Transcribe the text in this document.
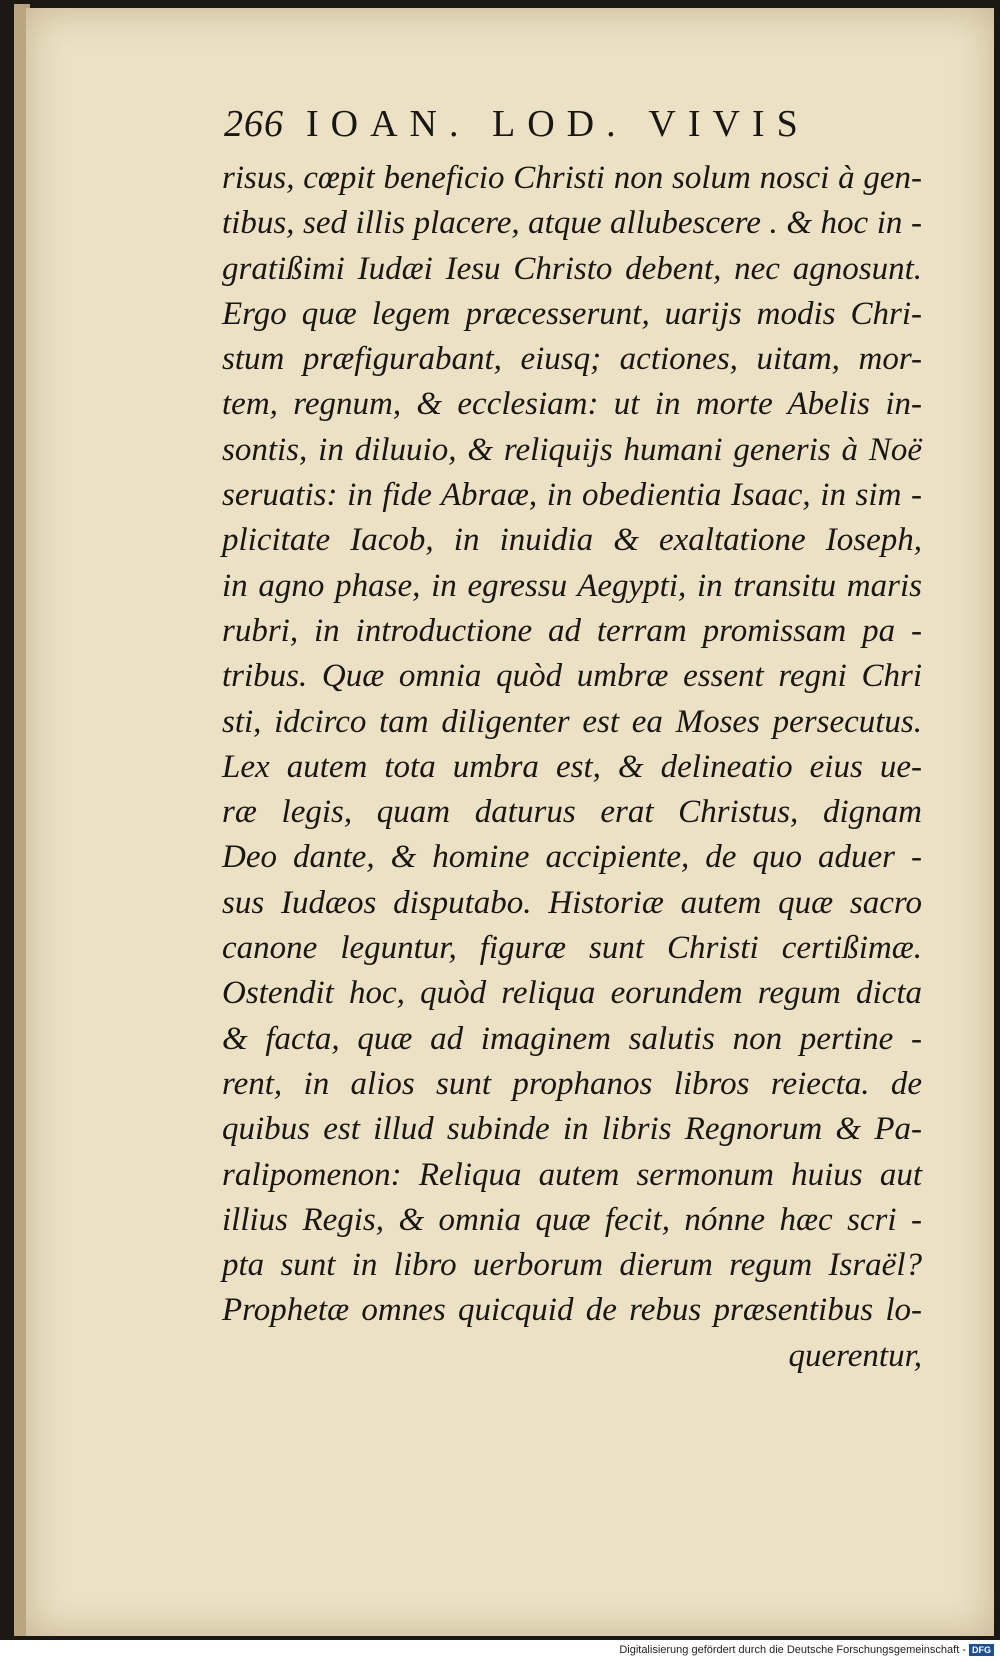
266 IOAN. LOD. VIVIS
risus, cœpit beneficio Christi non solum nosci à gen-
tibus, sed illis placere, atque allubescere . & hoc in -
gratißimi Iudæi Iesu Christo debent, nec agnosunt.
Ergo quæ legem præcesserunt, uarijs modis Chri-
stum præfigurabant, eiusq; actiones, uitam, mor-
tem, regnum, & ecclesiam: ut in morte Abelis in-
sontis, in diluuio, & reliquijs humani generis à Noë
seruatis: in fide Abraæ, in obedientia Isaac, in sim -
plicitate Iacob, in inuidia & exaltatione Ioseph,
in agno phase, in egressu Aegypti, in transitu maris
rubri, in introductione ad terram promissam pa -
tribus. Quæ omnia quòd umbræ essent regni Chri
sti, idcirco tam diligenter est ea Moses persecutus.
Lex autem tota umbra est, & delineatio eius ue-
ræ legis, quam daturus erat Christus, dignam
Deo dante, & homine accipiente, de quo aduer -
sus Iudæos disputabo. Historiæ autem quæ sacro
canone leguntur, figuræ sunt Christi certißimæ.
Ostendit hoc, quòd reliqua eorundem regum dicta
& facta, quæ ad imaginem salutis non pertine -
rent, in alios sunt prophanos libros reiecta. de
quibus est illud subinde in libris Regnorum & Pa-
ralipomenon: Reliqua autem sermonum huius aut
illius Regis, & omnia quæ fecit, nónne hæc scri -
pta sunt in libro uerborum dierum regum Israël?
Prophetæ omnes quicquid de rebus præsentibus lo-
querentur,
Digitalisierung gefördert durch die Deutsche Forschungsgemeinschaft - DFG
